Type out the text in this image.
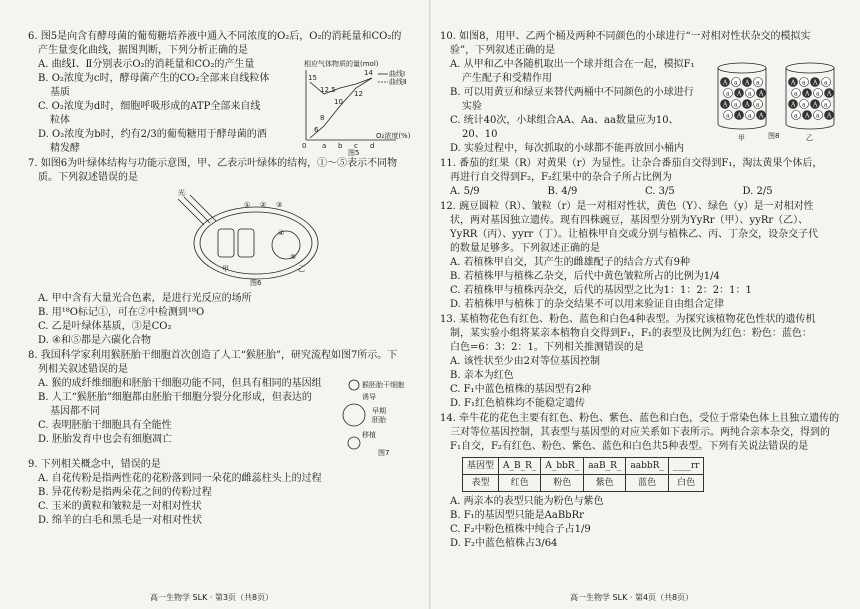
6. 图5是向含有酵母菌的葡萄糖培养液中通入不同浓度的O₂后，O₂的消耗量和CO₂的
产生量变化曲线，据图判断，下列分析正确的是
A. 曲线Ⅰ、Ⅱ分别表示O₂的消耗量和CO₂的产生量
B. O₂浓度为c时，酵母菌产生的CO₂全部来自线粒体
基质
C. O₂浓度为d时，细胞呼吸形成的ATP全部来自线
粒体
D. O₂浓度为b时，约有2/3的葡萄糖用于酵母菌的酒
精发酵
相应气体物质的量(mol)
曲线Ⅰ
曲线Ⅱ
15
12.5
14
10
12
8
6
0 a b c d
O₂浓度(%)
图5
7. 如图6为叶绿体结构与功能示意图，甲、乙表示叶绿体的结构，①～⑤表示不同物
质。下列叙述错误的是
光
① ② ③
④
⑤
甲	乙
图6
A. 甲中含有大量光合色素，是进行光反应的场所
B. 用¹⁸O标记①，可在②中检测到¹⁸O
C. 乙是叶绿体基质，③是CO₂
D. ④和⑤都是六碳化合物
8. 我国科学家利用猴胚胎干细胞首次创造了人工“猴胚胎”，研究流程如图7所示。下
列相关叙述错误的是
A. 猴的成纤维细胞和胚胎干细胞功能不同，但具有相同的基因组
B. 人工“猴胚胎”细胞都由胚胎干细胞分裂分化形成，但表达的
基因都不同
C. 表明胚胎干细胞具有全能性
D. 胚胎发育中也会有细胞凋亡
猴胚胎干细胞
诱导
早期
胚胎
移植
图7
9. 下列相关概念中，错误的是
A. 自花传粉是指两性花的花粉落到同一朵花的雌蕊柱头上的过程
B. 异花传粉是指两朵花之间的传粉过程
C. 玉米的黄粒和皱粒是一对相对性状
D. 绵羊的白毛和黑毛是一对相对性状
高一生物学 SLK · 第3页（共8页）
10. 如图8，用甲、乙两个桶及两种不同颜色的小球进行“一对相对性状杂交的模拟实
验”，下列叙述正确的是
A. 从甲和乙中各随机取出一个球并组合在一起，模拟F₁
产生配子和受精作用
B. 可以用黄豆和绿豆来替代两桶中不同颜色的小球进行
实验
C. 统计40次，小球组合AA、Aa、aa数量应为10、
20、10
A a A a
a A a A
A a A a
a A a A
A a A a
a A a A
A a A a
a A a A
甲	乙
图8
D. 实验过程中，每次抓取的小球都不能再放回小桶内
11. 番茄的红果（R）对黄果（r）为显性。让杂合番茄自交得到F₁，淘汰黄果个体后，
再进行自交得到F₂，F₂红果中的杂合子所占比例为
A. 5/9	B. 4/9	C. 3/5	D. 2/5
12. 豌豆圆粒（R）、皱粒（r）是一对相对性状，黄色（Y）、绿色（y）是一对相对性
状，两对基因独立遗传。现有四株豌豆，基因型分别为YyRr（甲）、yyRr（乙）、
YyRR（丙）、yyrr（丁）。让植株甲自交或分别与植株乙、丙、丁杂交，设杂交子代
的数量足够多。下列叙述正确的是
A. 若植株甲自交，其产生的雌雄配子的结合方式有9种
B. 若植株甲与植株乙杂交，后代中黄色皱粒所占的比例为1/4
C. 若植株甲与植株丙杂交，后代的基因型之比为1：1：2：2：1：1
D. 若植株甲与植株丁的杂交结果不可以用来验证自由组合定律
13. 某植物花色有红色、粉色、蓝色和白色4种表型。为探究该植物花色性状的遗传机
制，某实验小组将某亲本植物自交得到F₁，F₁的表型及比例为红色：粉色：蓝色：
白色=6：3：2：1。下列相关推测错误的是
A. 该性状至少由2对等位基因控制
B. 亲本为红色
C. F₁中蓝色植株的基因型有2种
D. F₁红色植株均不能稳定遗传
14. 牵牛花的花色主要有红色、粉色、紫色、蓝色和白色，受位于常染色体上且独立遗传的
三对等位基因控制，其表型与基因型的对应关系如下表所示。两纯合亲本杂交，得到的
F₁自交，F₂有红色、粉色、紫色、蓝色和白色共5种表型。下列有关说法错误的是
基因型	A_B_R_	A_bbR_	aaB_R_	aabbR_	____rr
表型	红色	粉色	紫色	蓝色	白色
A. 两亲本的表型只能为粉色与紫色
B. F₁的基因型只能是AaBbRr
C. F₂中粉色植株中纯合子占1/9
D. F₂中蓝色植株占3/64
高一生物学 SLK · 第4页（共8页）
